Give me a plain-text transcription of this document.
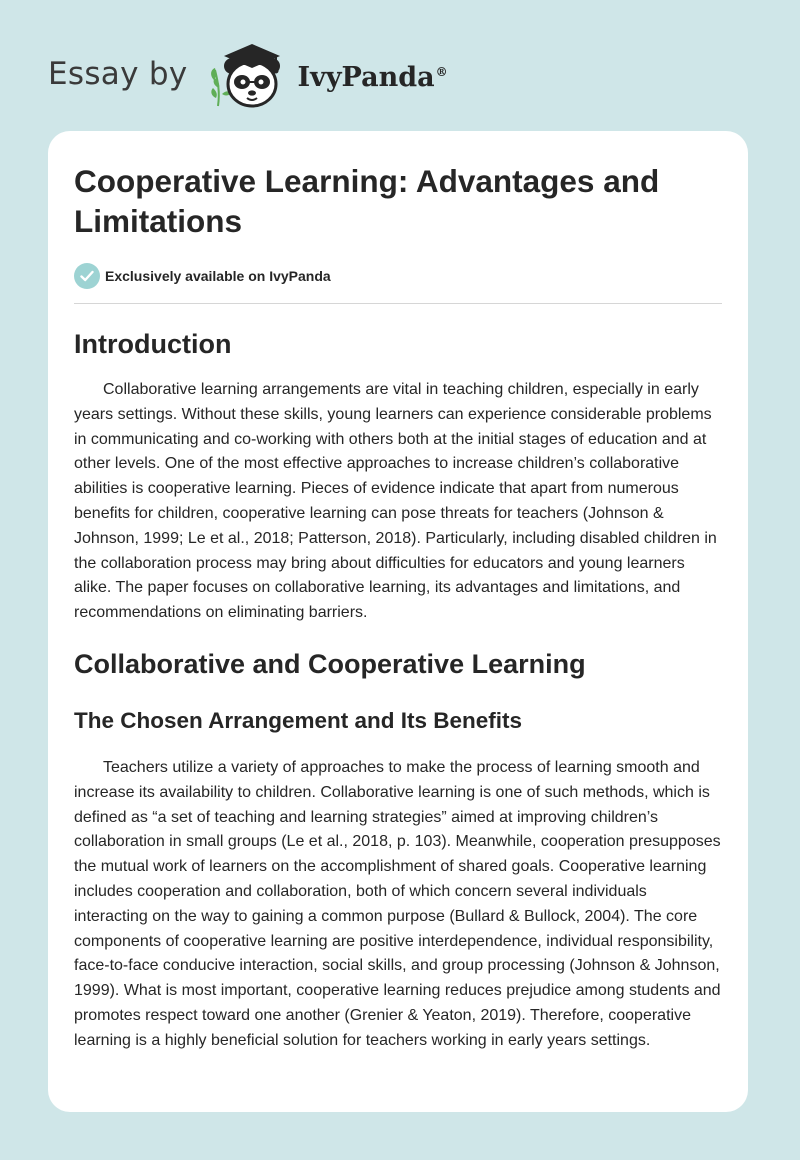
Essay by	IvyPanda®
Cooperative Learning: Advantages and Limitations
Exclusively available on IvyPanda
Introduction

Collaborative learning arrangements are vital in teaching children, especially in early years settings. Without these skills, young learners can experience considerable problems in communicating and co-working with others both at the initial stages of education and at other levels. One of the most effective approaches to increase children’s collaborative abilities is cooperative learning. Pieces of evidence indicate that apart from numerous benefits for children, cooperative learning can pose threats for teachers (Johnson & Johnson, 1999; Le et al., 2018; Patterson, 2018). Particularly, including disabled children in the collaboration process may bring about difficulties for educators and young learners alike. The paper focuses on collaborative learning, its advantages and limitations, and recommendations on eliminating barriers.

Collaborative and Cooperative Learning
The Chosen Arrangement and Its Benefits

Teachers utilize a variety of approaches to make the process of learning smooth and increase its availability to children. Collaborative learning is one of such methods, which is defined as “a set of teaching and learning strategies” aimed at improving children’s collaboration in small groups (Le et al., 2018, p. 103). Meanwhile, cooperation presupposes the mutual work of learners on the accomplishment of shared goals. Cooperative learning includes cooperation and collaboration, both of which concern several individuals interacting on the way to gaining a common purpose (Bullard & Bullock, 2004). The core components of cooperative learning are positive interdependence, individual responsibility, face-to-face conducive interaction, social skills, and group processing (Johnson & Johnson, 1999). What is most important, cooperative learning reduces prejudice among students and promotes respect toward one another (Grenier & Yeaton, 2019). Therefore, cooperative learning is a highly beneficial solution for teachers working in early years settings.
